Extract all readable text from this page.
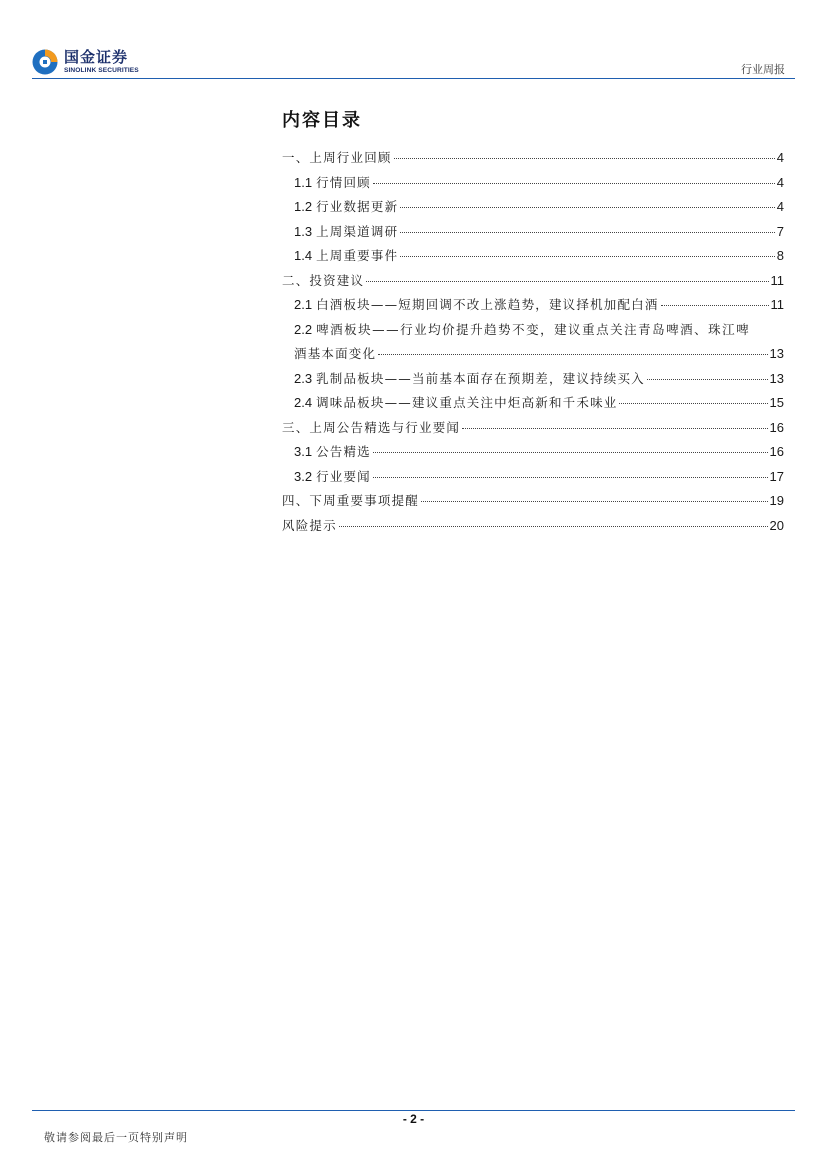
国金证券
SINOLINK SECURITIES	行业周报
内容目录
一、上周行业回顾	4
1.1 行情回顾	4
1.2 行业数据更新	4
1.3 上周渠道调研	7
1.4 上周重要事件	8
二、投资建议	11
2.1 白酒板块——短期回调不改上涨趋势，建议择机加配白酒	11
2.2 啤酒板块——行业均价提升趋势不变，建议重点关注青岛啤酒、珠江啤
酒基本面变化	13
2.3 乳制品板块——当前基本面存在预期差，建议持续买入	13
2.4 调味品板块——建议重点关注中炬高新和千禾味业	15
三、上周公告精选与行业要闻	16
3.1 公告精选	16
3.2 行业要闻	17
四、下周重要事项提醒	19
风险提示	20
- 2 -
敬请参阅最后一页特别声明
